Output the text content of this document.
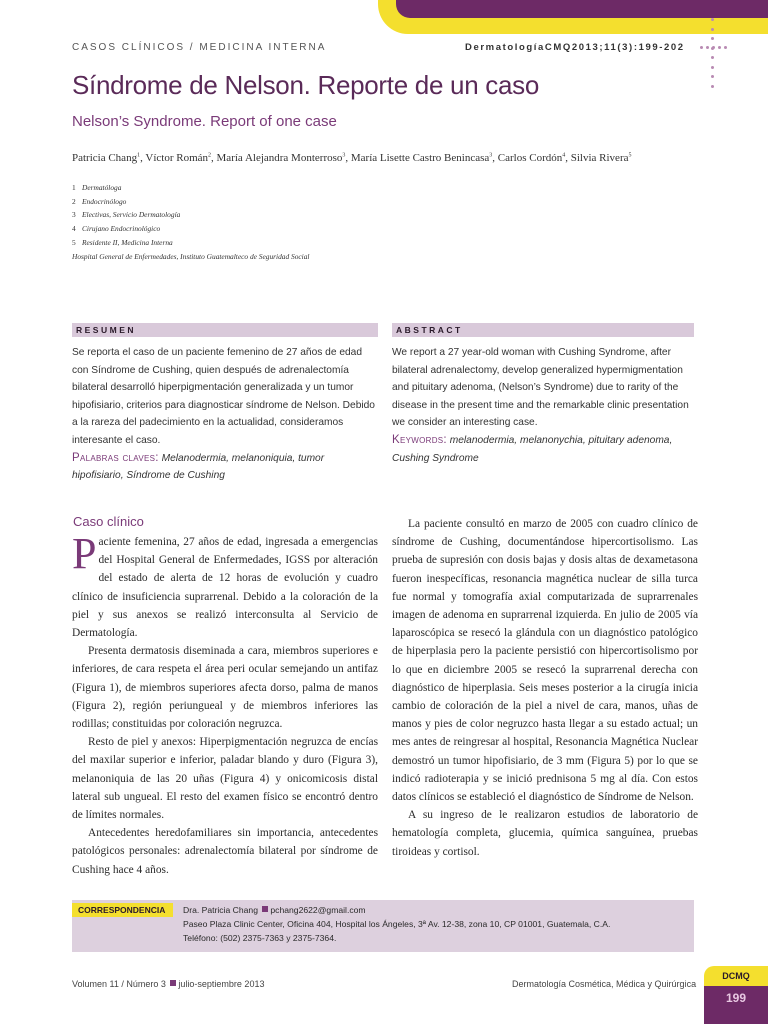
CASOS CLÍNICOS / MEDICINA INTERNA	DermatologíaCMQ2013;11(3):199-202
Síndrome de Nelson. Reporte de un caso
Nelson’s Syndrome. Report of one case
Patricia Chang$^1$, Víctor Román$^2$, María Alejandra Monterroso$^3$, María Lisette Castro Benincasa$^3$, Carlos Cordón$^4$, Silvia Rivera$^5$
1 Dermatóloga
2 Endocrinólogo
3 Electivas, Servicio Dermatología
4 Cirujano Endocrinológico
5 Residente II, Medicina Interna
Hospital General de Enfermedades, Instituto Guatemalteco de Seguridad Social
RESUMEN
Se reporta el caso de un paciente femenino de 27 años de edad con Síndrome de Cushing, quien después de adrenalectomía bilateral desarrolló hiperpigmentación generalizada y un tumor hipofisiario, criterios para diagnosticar síndrome de Nelson. Debido a la rareza del padecimiento en la actualidad, consideramos interesante el caso.
Palabras claves: Melanodermia, melanoniquia, tumor hipofisiario, Síndrome de Cushing
ABSTRACT
We report a 27 year-old woman with Cushing Syndrome, after bilateral adrenalectomy, develop generalized hypermigmentation and pituitary adenoma, (Nelson’s Syndrome) due to rarity of the disease in the present time and the remarkable clinic presentation we consider an interesting case.
Keywords: melanodermia, melanonychia, pituitary adenoma, Cushing Syndrome
Caso clínico

Paciente femenina, 27 años de edad, ingresada a emergencias del Hospital General de Enfermedades, IGSS por alteración del estado de alerta de 12 horas de evolución y cuadro clínico de insuficiencia suprarrenal. Debido a la coloración de la piel y sus anexos se realizó interconsulta al Servicio de Dermatología.

Presenta dermatosis diseminada a cara, miembros superiores e inferiores, de cara respeta el área peri ocular semejando un antifaz (Figura 1), de miembros superiores afecta dorso, palma de manos (Figura 2), región periungueal y de miembros inferiores las rodillas; constituidas por coloración negruzca.

Resto de piel y anexos: Hiperpigmentación negruzca de encías del maxilar superior e inferior, paladar blando y duro (Figura 3), melanoniquia de las 20 uñas (Figura 4) y onicomicosis distal lateral sub ungueal. El resto del examen físico se encontró dentro de límites normales.

Antecedentes heredofamiliares sin importancia, antecedentes patológicos personales: adrenalectomía bilateral por síndrome de Cushing hace 4 años.

La paciente consultó en marzo de 2005 con cuadro clínico de síndrome de Cushing, documentándose hipercortisolismo. Las prueba de supresión con dosis bajas y dosis altas de dexametasona fueron inespecíficas, resonancia magnética nuclear de silla turca fue normal y tomografía axial computarizada de suprarrenales imagen de adenoma en suprarrenal izquierda. En julio de 2005 vía laparoscópica se resecó la glándula con un diagnóstico patológico de hiperplasia pero la paciente persistió con hipercortisolismo por lo que en diciembre 2005 se resecó la suprarrenal derecha con diagnóstico de hiperplasia. Seis meses posterior a la cirugía inicia cambio de coloración de la piel a nivel de cara, manos, uñas de manos y pies de color negruzco hasta llegar a su estado actual; un mes antes de reingresar al hospital, Resonancia Magnética Nuclear demostró un tumor hipofisiario, de 3 mm (Figura 5) por lo que se indicó radioterapia y se inició prednisona 5 mg al día. Con estos datos clínicos se estableció el diagnóstico de Síndrome de Nelson.

A su ingreso de le realizaron estudios de laboratorio de hematología completa, glucemia, química sanguínea, pruebas tiroideas y cortisol.

CORRESPONDENCIA	Dra. Patricia Chang pchang2622@gmail.com
Paseo Plaza Clinic Center, Oficina 404, Hospital los Ángeles, 3ª Av. 12-38, zona 10, CP 01001, Guatemala, C.A.
Teléfono: (502) 2375-7363 y 2375-7364.
Volumen 11 / Número 3 julio-septiembre 2013	Dermatología Cosmética, Médica y Quirúrgica
DCMQ
199
